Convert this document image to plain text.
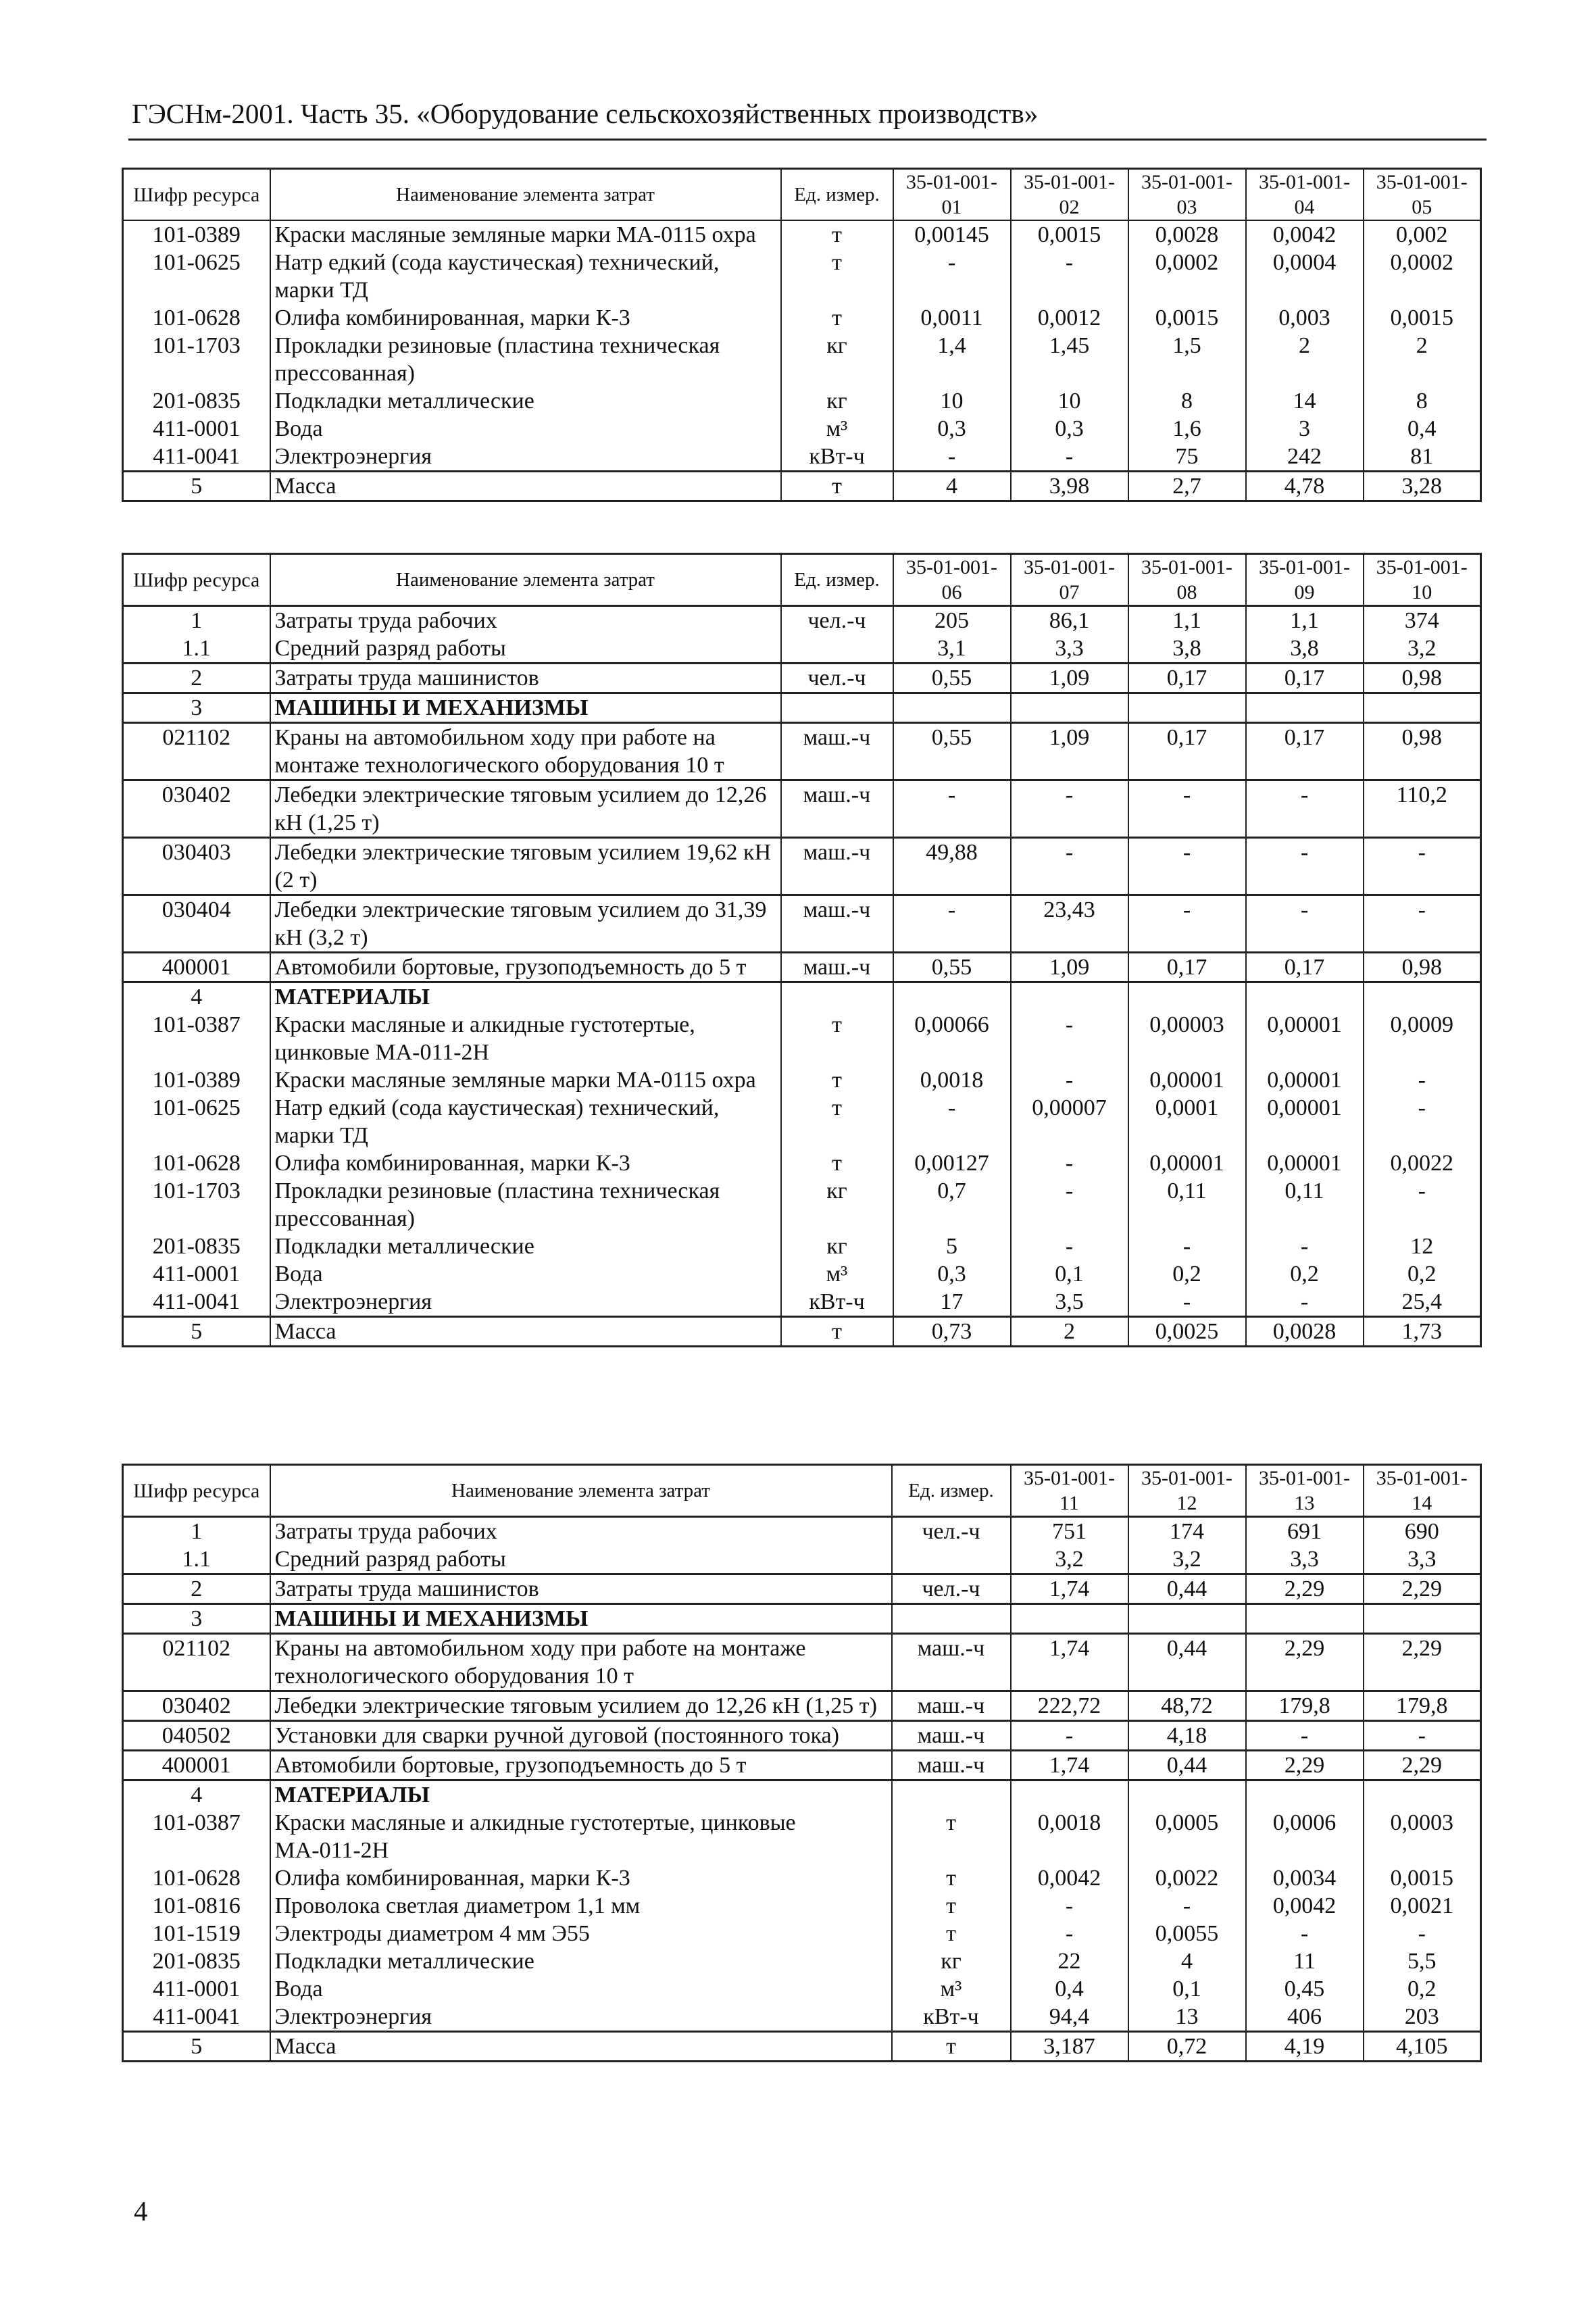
ГЭСНм-2001. Часть 35. «Оборудование сельскохозяйственных производств»
Шифр ресурса	Наименование элемента затрат	Ед. измер.	35-01-001-01	35-01-001-02	35-01-001-03	35-01-001-04	35-01-001-05
101-0389	Краски масляные земляные марки МА-0115 охра	т	0,00145	0,0015	0,0028	0,0042	0,002
101-0625	Натр едкий (сода каустическая) технический, марки ТД	т	-	-	0,0002	0,0004	0,0002
101-0628	Олифа комбинированная, марки К-3	т	0,0011	0,0012	0,0015	0,003	0,0015
101-1703	Прокладки резиновые (пластина техническая прессованная)	кг	1,4	1,45	1,5	2	2
201-0835	Подкладки металлические	кг	10	10	8	14	8
411-0001	Вода	м³	0,3	0,3	1,6	3	0,4
411-0041	Электроэнергия	кВт-ч	-	-	75	242	81
5	Масса	т	4	3,98	2,7	4,78	3,28
Шифр ресурса	Наименование элемента затрат	Ед. измер.	35-01-001-06	35-01-001-07	35-01-001-08	35-01-001-09	35-01-001-10
1	Затраты труда рабочих	чел.-ч	205	86,1	1,1	1,1	374
1.1	Средний разряд работы		3,1	3,3	3,8	3,8	3,2
2	Затраты труда машинистов	чел.-ч	0,55	1,09	0,17	0,17	0,98
3	МАШИНЫ И МЕХАНИЗМЫ						
021102	Краны на автомобильном ходу при работе на монтаже технологического оборудования 10 т	маш.-ч	0,55	1,09	0,17	0,17	0,98
030402	Лебедки электрические тяговым усилием до 12,26 кН (1,25 т)	маш.-ч	-	-	-	-	110,2
030403	Лебедки электрические тяговым усилием 19,62 кН (2 т)	маш.-ч	49,88	-	-	-	-
030404	Лебедки электрические тяговым усилием до 31,39 кН (3,2 т)	маш.-ч	-	23,43	-	-	-
400001	Автомобили бортовые, грузоподъемность до 5 т	маш.-ч	0,55	1,09	0,17	0,17	0,98
4	МАТЕРИАЛЫ						
101-0387	Краски масляные и алкидные густотертые, цинковые МА-011-2Н	т	0,00066	-	0,00003	0,00001	0,0009
101-0389	Краски масляные земляные марки МА-0115 охра	т	0,0018	-	0,00001	0,00001	-
101-0625	Натр едкий (сода каустическая) технический, марки ТД	т	-	0,00007	0,0001	0,00001	-
101-0628	Олифа комбинированная, марки К-3	т	0,00127	-	0,00001	0,00001	0,0022
101-1703	Прокладки резиновые (пластина техническая прессованная)	кг	0,7	-	0,11	0,11	-
201-0835	Подкладки металлические	кг	5	-	-	-	12
411-0001	Вода	м³	0,3	0,1	0,2	0,2	0,2
411-0041	Электроэнергия	кВт-ч	17	3,5	-	-	25,4
5	Масса	т	0,73	2	0,0025	0,0028	1,73
Шифр ресурса	Наименование элемента затрат	Ед. измер.	35-01-001-11	35-01-001-12	35-01-001-13	35-01-001-14
1	Затраты труда рабочих	чел.-ч	751	174	691	690
1.1	Средний разряд работы		3,2	3,2	3,3	3,3
2	Затраты труда машинистов	чел.-ч	1,74	0,44	2,29	2,29
3	МАШИНЫ И МЕХАНИЗМЫ					
021102	Краны на автомобильном ходу при работе на монтаже технологического оборудования 10 т	маш.-ч	1,74	0,44	2,29	2,29
030402	Лебедки электрические тяговым усилием до 12,26 кН (1,25 т)	маш.-ч	222,72	48,72	179,8	179,8
040502	Установки для сварки ручной дуговой (постоянного тока)	маш.-ч	-	4,18	-	-
400001	Автомобили бортовые, грузоподъемность до 5 т	маш.-ч	1,74	0,44	2,29	2,29
4	МАТЕРИАЛЫ					
101-0387	Краски масляные и алкидные густотертые, цинковые МА-011-2Н	т	0,0018	0,0005	0,0006	0,0003
101-0628	Олифа комбинированная, марки К-3	т	0,0042	0,0022	0,0034	0,0015
101-0816	Проволока светлая диаметром 1,1 мм	т	-	-	0,0042	0,0021
101-1519	Электроды диаметром 4 мм Э55	т	-	0,0055	-	-
201-0835	Подкладки металлические	кг	22	4	11	5,5
411-0001	Вода	м³	0,4	0,1	0,45	0,2
411-0041	Электроэнергия	кВт-ч	94,4	13	406	203
5	Масса	т	3,187	0,72	4,19	4,105
4
